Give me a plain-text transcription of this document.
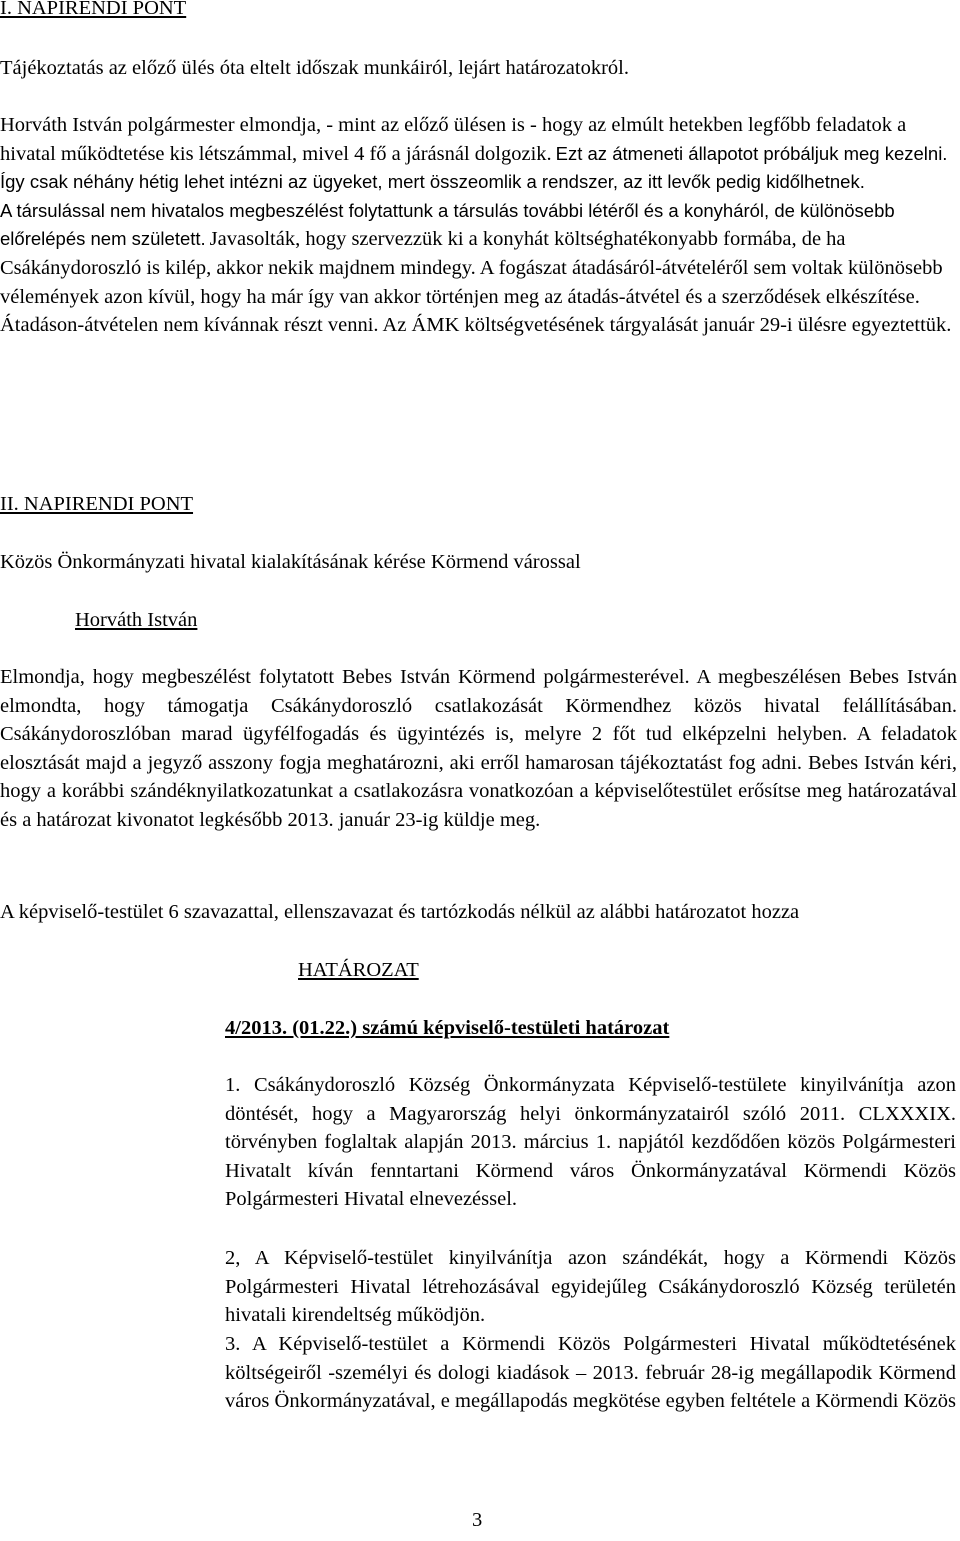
I. NAPIRENDI PONT
Tájékoztatás az előző ülés óta eltelt időszak munkáiról, lejárt határozatokról.
Horváth István polgármester elmondja, - mint az előző ülésen is - hogy az elmúlt hetekben legfőbb feladatok a hivatal működtetése kis létszámmal, mivel 4 fő a járásnál dolgozik. Ezt az átmeneti állapotot próbáljuk meg kezelni. Így csak néhány hétig lehet intézni az ügyeket, mert összeomlik a rendszer, az itt levők pedig kidőlhetnek.
A társulással nem hivatalos megbeszélést folytattunk a társulás további létéről és a konyháról, de különösebb előrelépés nem született. Javasolták, hogy szervezzük ki a konyhát költséghatékonyabb formába, de ha Csákánydoroszló is kilép, akkor nekik majdnem mindegy. A fogászat átadásáról-átvételéről sem voltak különösebb vélemények azon kívül, hogy ha már így van akkor történjen meg az átadás-átvétel és a szerződések elkészítése. Átadáson-átvételen nem kívánnak részt venni. Az ÁMK költségvetésének tárgyalását január 29-i ülésre egyeztettük.
II. NAPIRENDI PONT
Közös Önkormányzati hivatal kialakításának kérése Körmend várossal
Horváth István
Elmondja, hogy megbeszélést folytatott Bebes István Körmend polgármesterével. A megbeszélésen Bebes István elmondta, hogy támogatja Csákánydoroszló csatlakozását Körmendhez közös hivatal felállításában. Csákánydoroszlóban marad ügyfélfogadás és ügyintézés is, melyre 2 főt tud elképzelni helyben. A feladatok elosztását majd a jegyző asszony fogja meghatározni, aki erről hamarosan tájékoztatást fog adni. Bebes István kéri, hogy a korábbi szándéknyilatkozatunkat a csatlakozásra vonatkozóan a képviselőtestület erősítse meg határozatával és a határozat kivonatot legkésőbb 2013. január 23-ig küldje meg.
A képviselő-testület 6 szavazattal, ellenszavazat és tartózkodás nélkül az alábbi határozatot hozza
HATÁROZAT
4/2013. (01.22.) számú képviselő-testületi határozat
1. Csákánydoroszló Község Önkormányzata Képviselő-testülete kinyilvánítja azon döntését, hogy a Magyarország helyi önkormányzatairól szóló 2011. CLXXXIX. törvényben foglaltak alapján 2013. március 1. napjától kezdődően közös Polgármesteri Hivatalt kíván fenntartani Körmend város Önkormányzatával Körmendi Közös Polgármesteri Hivatal elnevezéssel.
2, A Képviselő-testület kinyilvánítja azon szándékát, hogy a Körmendi Közös Polgármesteri Hivatal létrehozásával egyidejűleg Csákánydoroszló Község területén hivatali kirendeltség működjön.
3. A Képviselő-testület a Körmendi Közös Polgármesteri Hivatal működtetésének költségeiről -személyi és dologi kiadások – 2013. február 28-ig megállapodik Körmend város Önkormányzatával, e megállapodás megkötése egyben feltétele a Körmendi Közös
3
